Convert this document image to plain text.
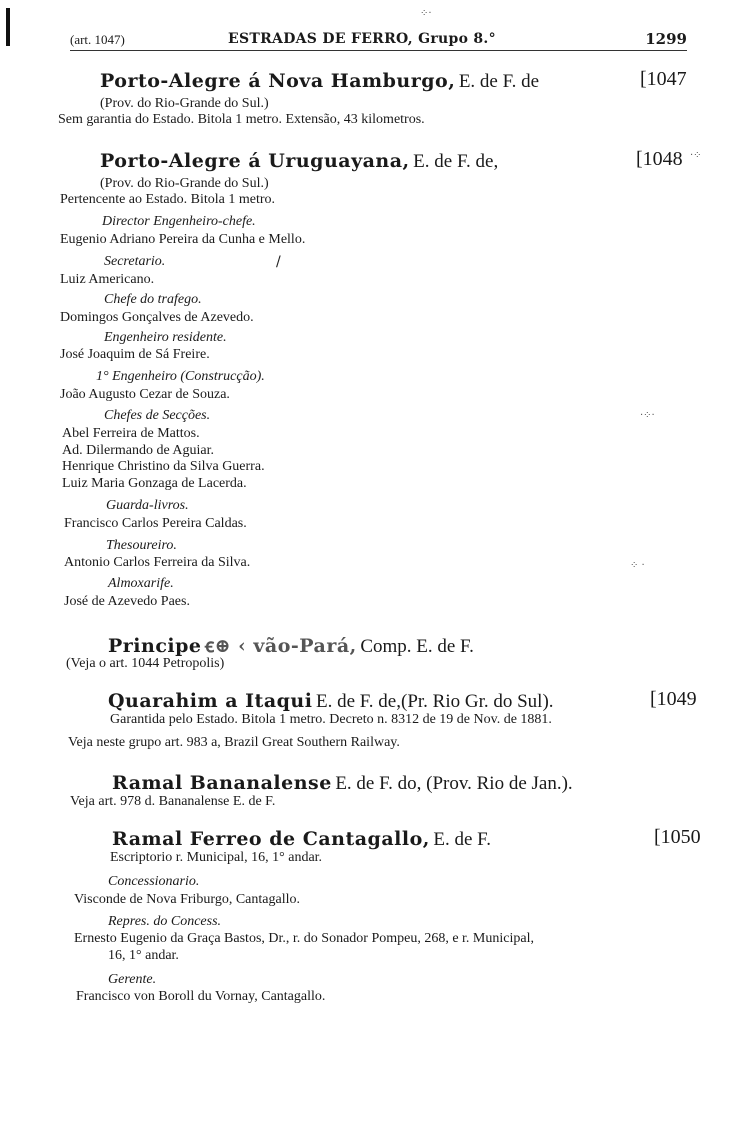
(art. 1047)	ESTRADAS DE FERRO, Grupo 8.°	1299
Porto-Alegre á Nova Hamburgo, E. de F. de	[1047
(Prov. do Rio-Grande do Sul.)
Sem garantia do Estado. Bitola 1 metro. Extensão, 43 kilometros.
Porto-Alegre á Uruguayana, E. de F. de,	[1048
(Prov. do Rio-Grande do Sul.)
Pertencente ao Estado. Bitola 1 metro.
Director Engenheiro-chefe.
Eugenio Adriano Pereira da Cunha e Mello.
Secretario.
Luiz Americano.
Chefe do trafego.
Domingos Gonçalves de Azevedo.
Engenheiro residente.
José Joaquim de Sá Freire.
1° Engenheiro (Construcção).
João Augusto Cezar de Souza.
Chefes de Secções.
Abel Ferreira de Mattos.
Ad. Dilermando de Aguiar.
Henrique Christino da Silva Guerra.
Luiz Maria Gonzaga de Lacerda.
Guarda-livros.
Francisco Carlos Pereira Caldas.
Thesoureiro.
Antonio Carlos Ferreira da Silva.
Almoxarife.
José de Azevedo Paes.
Principe ꞓ⊕ ‹ vão-Pará, Comp. E. de F.
(Veja o art. 1044 Petropolis)
Quarahim a Itaqui E. de F. de,(Pr. Rio Gr. do Sul).	[1049
Garantida pelo Estado. Bitola 1 metro. Decreto n. 8312 de 19 de Nov. de 1881.
Veja neste grupo art. 983 a, Brazil Great Southern Railway.
Ramal Bananalense E. de F. do, (Prov. Rio de Jan.).
Veja art. 978 d. Bananalense E. de F.
Ramal Ferreo de Cantagallo, E. de F.	[1050
Escriptorio r. Municipal, 16, 1° andar.
Concessionario.
Visconde de Nova Friburgo, Cantagallo.
Repres. do Concess.
Ernesto Eugenio da Graça Bastos, Dr., r. do Sonador Pompeu, 268, e r. Municipal,
16, 1° andar.
Gerente.
Francisco von Boroll du Vornay, Cantagallo.
·⁘·
⁘ ·
·⁘
⁘·
/
